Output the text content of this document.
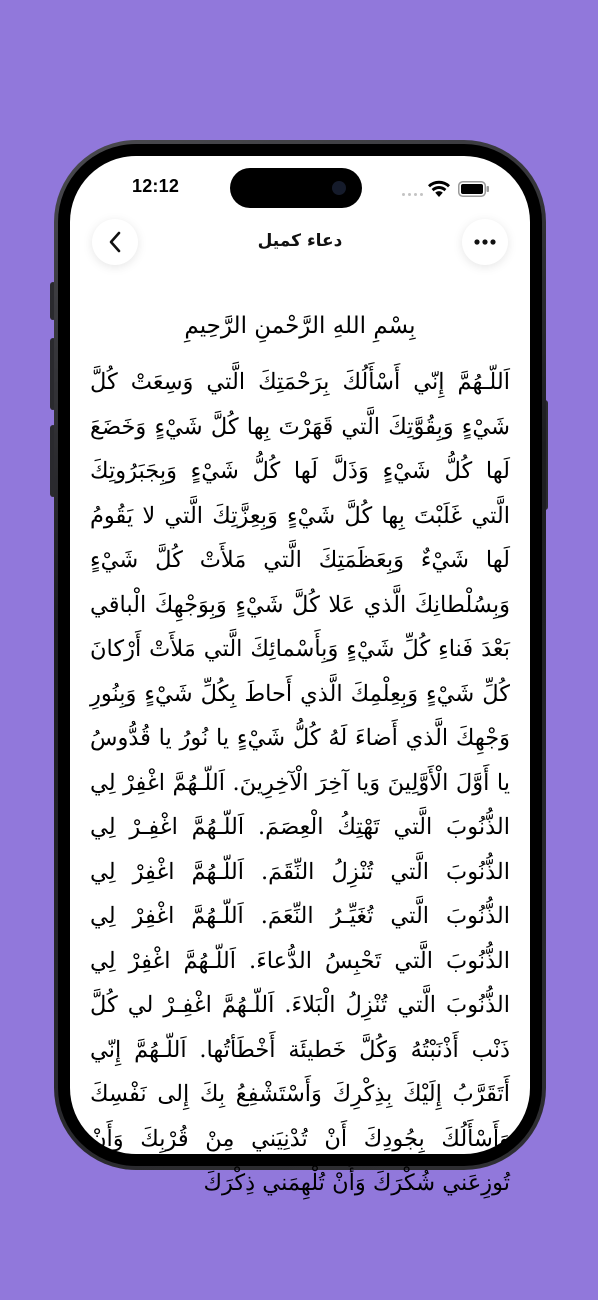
12:12
دعاء كميل
بِسْمِ اللهِ الرَّحْمنِ الرَّحِيمِ

اَللّـهُمَّ إِنّي أَسْأَلُكَ بِرَحْمَتِكَ الَّتي وَسِعَتْ كُلَّ شَيْءٍ وَبِقُوَّتِكَ الَّتي قَهَرْتَ بِها كُلَّ شَيْءٍ وَخَضَعَ لَها كُلُّ شَيْءٍ وَذَلَّ لَها كُلُّ شَيْءٍ وَبِجَبَرُوتِكَ الَّتي غَلَبْتَ بِها كُلَّ شَيْءٍ وَبِعِزَّتِكَ الَّتي لا يَقُومُ لَها شَيْءٌ وَبِعَظَمَتِكَ الَّتي مَلأَتْ كُلَّ شَيْءٍ وَبِسُلْطانِكَ الَّذي عَلا كُلَّ شَيْءٍ وَبِوَجْهِكَ الْباقي بَعْدَ فَناءِ كُلِّ شَيْءٍ وَبِأَسْمائِكَ الَّتي مَلأَتْ أَرْكانَ كُلِّ شَيْءٍ وَبِعِلْمِكَ الَّذي أَحاطَ بِكُلِّ شَيْءٍ وَبِنُورِ وَجْهِكَ الَّذي أَضاءَ لَهُ كُلُّ شَيْءٍ يا نُورُ يا قُدُّوسُ يا أَوَّلَ الْأَوَّلِينَ وَيا آخِرَ الْآخِرِينَ. اَللّـهُمَّ اغْفِرْ لِي الذُّنُوبَ الَّتي تَهْتِكُ الْعِصَمَ. اَللّـهُمَّ اغْفِـرْ لِي الذُّنُوبَ الَّتي تُنْزِلُ النِّقَمَ. اَللّـهُمَّ اغْفِرْ لِي الذُّنُوبَ الَّتي تُغَيِّـرُ النِّعَمَ. اَللّـهُمَّ اغْفِرْ لِي الذُّنُوبَ الَّتي تَحْبِسُ الدُّعاءَ. اَللّـهُمَّ اغْفِرْ لِي الذُّنُوبَ الَّتي تُنْزِلُ الْبَلاءَ. اَللّـهُمَّ اغْفِـرْ لي كُلَّ ذَنْب أَذْنَبْتُهُ وَكُلَّ خَطيئَة أَخْطَأتُها. اَللّـهُمَّ إِنّي أَتَقَرَّبُ إِلَيْكَ بِذِكْرِكَ وَأَسْتَشْفِعُ بِكَ إِلى نَفْسِكَ وَأَسْأَلُكَ بِجُودِكَ أَنْ تُدْنِيَني مِنْ قُرْبِكَ وَأَنْ تُوزِعَني شُكْرَكَ وَأَنْ تُلْهِمَني ذِكْرَكَ
